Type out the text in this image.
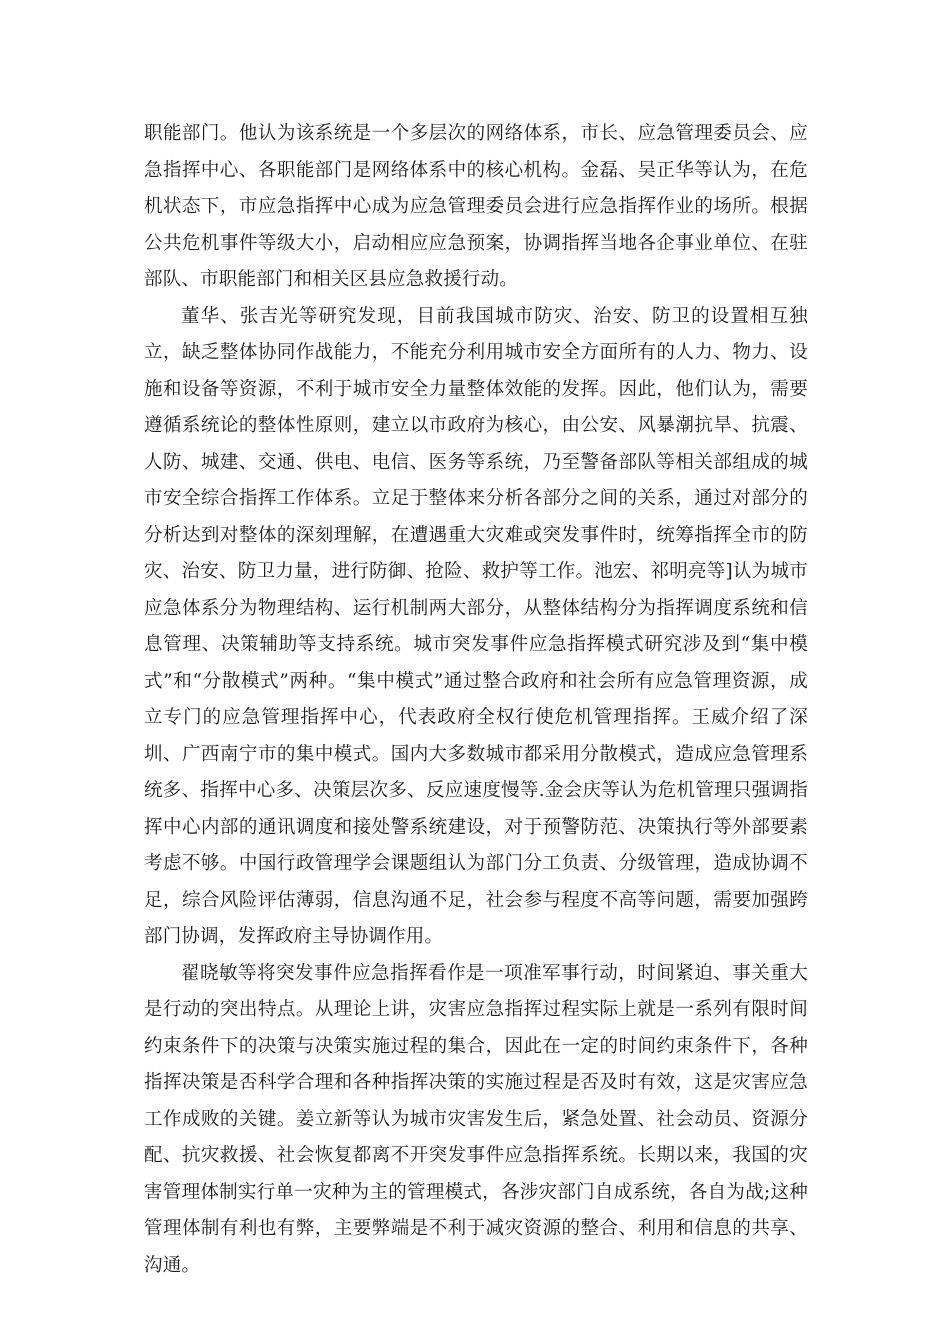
职能部门。他认为该系统是一个多层次的网络体系，市长、应急管理委员会、应急指挥中心、各职能部门是网络体系中的核心机构。金磊、吴正华等认为，在危机状态下，市应急指挥中心成为应急管理委员会进行应急指挥作业的场所。根据公共危机事件等级大小，启动相应应急预案，协调指挥当地各企事业单位、在驻部队、市职能部门和相关区县应急救援行动。

董华、张吉光等研究发现，目前我国城市防灾、治安、防卫的设置相互独立，缺乏整体协同作战能力，不能充分利用城市安全方面所有的人力、物力、设施和设备等资源，不利于城市安全力量整体效能的发挥。因此，他们认为，需要遵循系统论的整体性原则，建立以市政府为核心，由公安、风暴潮抗旱、抗震、人防、城建、交通、供电、电信、医务等系统，乃至警备部队等相关部组成的城市安全综合指挥工作体系。立足于整体来分析各部分之间的关系，通过对部分的分析达到对整体的深刻理解，在遭遇重大灾难或突发事件时，统筹指挥全市的防灾、治安、防卫力量，进行防御、抢险、救护等工作。池宏、祁明亮等]认为城市应急体系分为物理结构、运行机制两大部分，从整体结构分为指挥调度系统和信息管理、决策辅助等支持系统。城市突发事件应急指挥模式研究涉及到“集中模式”和“分散模式”两种。“集中模式”通过整合政府和社会所有应急管理资源，成立专门的应急管理指挥中心，代表政府全权行使危机管理指挥。王威介绍了深圳、广西南宁市的集中模式。国内大多数城市都采用分散模式，造成应急管理系统多、指挥中心多、决策层次多、反应速度慢等.金会庆等认为危机管理只强调指挥中心内部的通讯调度和接处警系统建设，对于预警防范、决策执行等外部要素考虑不够。中国行政管理学会课题组认为部门分工负责、分级管理，造成协调不足，综合风险评估薄弱，信息沟通不足，社会参与程度不高等问题，需要加强跨部门协调，发挥政府主导协调作用。

翟晓敏等将突发事件应急指挥看作是一项准军事行动，时间紧迫、事关重大是行动的突出特点。从理论上讲，灾害应急指挥过程实际上就是一系列有限时间约束条件下的决策与决策实施过程的集合，因此在一定的时间约束条件下，各种指挥决策是否科学合理和各种指挥决策的实施过程是否及时有效，这是灾害应急工作成败的关键。姜立新等认为城市灾害发生后，紧急处置、社会动员、资源分配、抗灾救援、社会恢复都离不开突发事件应急指挥系统。长期以来，我国的灾害管理体制实行单一灾种为主的管理模式，各涉灾部门自成系统，各自为战;这种管理体制有利也有弊，主要弊端是不利于减灾资源的整合、利用和信息的共享、沟通。
